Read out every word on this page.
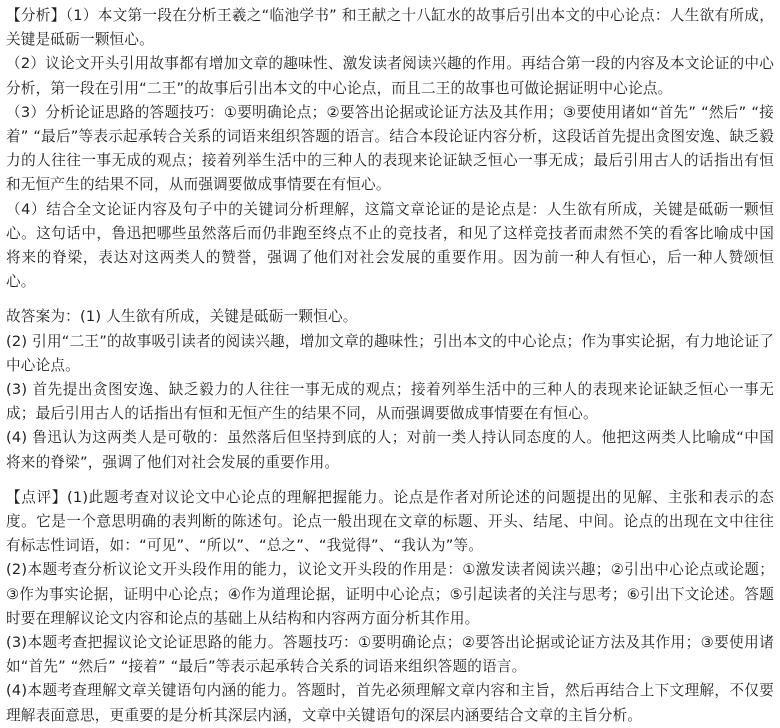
【分析】（1）本文第一段在分析王羲之“临池学书” 和王献之十八缸水的故事后引出本文的中心论点：人生欲有所成，关键是砥砺一颗恒心。

（2）议论文开头引用故事都有增加文章的趣味性、激发读者阅读兴趣的作用。再结合第一段的内容及本文论证的中心分析，第一段在引用“二王”的故事后引出本文的中心论点，而且二王的故事也可做论据证明中心论点。

（3）分析论证思路的答题技巧：①要明确论点；②要答出论据或论证方法及其作用；③要使用诸如“首先” “然后” “接着” “最后”等表示起承转合关系的词语来组织答题的语言。结合本段论证内容分析，这段话首先提出贪图安逸、缺乏毅力的人往往一事无成的观点；接着列举生活中的三种人的表现来论证缺乏恒心一事无成；最后引用古人的话指出有恒和无恒产生的结果不同，从而强调要做成事情要在有恒心。

（4）结合全文论证内容及句子中的关键词分析理解，这篇文章论证的是论点是：人生欲有所成，关键是砥砺一颗恒心。这句话中，鲁迅把哪些虽然落后而仍非跑至终点不止的竞技者，和见了这样竞技者而肃然不笑的看客比喻成中国将来的脊梁，表达对这两类人的赞誉，强调了他们对社会发展的重要作用。因为前一种人有恒心，后一种人赞颂恒心。

故答案为：(1) 人生欲有所成，关键是砥砺一颗恒心。

(2) 引用“二王”的故事吸引读者的阅读兴趣，增加文章的趣味性；引出本文的中心论点；作为事实论据，有力地论证了中心论点。

(3) 首先提出贪图安逸、缺乏毅力的人往往一事无成的观点；接着列举生活中的三种人的表现来论证缺乏恒心一事无成；最后引用古人的话指出有恒和无恒产生的结果不同，从而强调要做成事情要在有恒心。

(4) 鲁迅认为这两类人是可敬的：虽然落后但坚持到底的人；对前一类人持认同态度的人。他把这两类人比喻成“中国将来的脊梁”，强调了他们对社会发展的重要作用。

【点评】(1)此题考查对议论文中心论点的理解把握能力。论点是作者对所论述的问题提出的见解、主张和表示的态度。它是一个意思明确的表判断的陈述句。论点一般出现在文章的标题、开头、结尾、中间。论点的出现在文中往往有标志性词语，如：“可见”、“所以”、“总之”、“我觉得”、“我认为”等。

(2)本题考查分析议论文开头段作用的能力，议论文开头段的作用是：①激发读者阅读兴趣；②引出中心论点或论题；③作为事实论据，证明中心论点；④作为道理论据，证明中心论点；⑤引起读者的关注与思考；⑥引出下文论述。答题时要在理解议论文内容和论点的基础上从结构和内容两方面分析其作用。

(3)本题考查把握议论文论证思路的能力。答题技巧：①要明确论点；②要答出论据或论证方法及其作用；③要使用诸如“首先” “然后” “接着” “最后”等表示起承转合关系的词语来组织答题的语言。

(4)本题考查理解文章关键语句内涵的能力。答题时，首先必须理解文章内容和主旨，然后再结合上下文理解，不仅要理解表面意思，更重要的是分析其深层内涵，文章中关键语句的深层内涵要结合文章的主旨分析。
